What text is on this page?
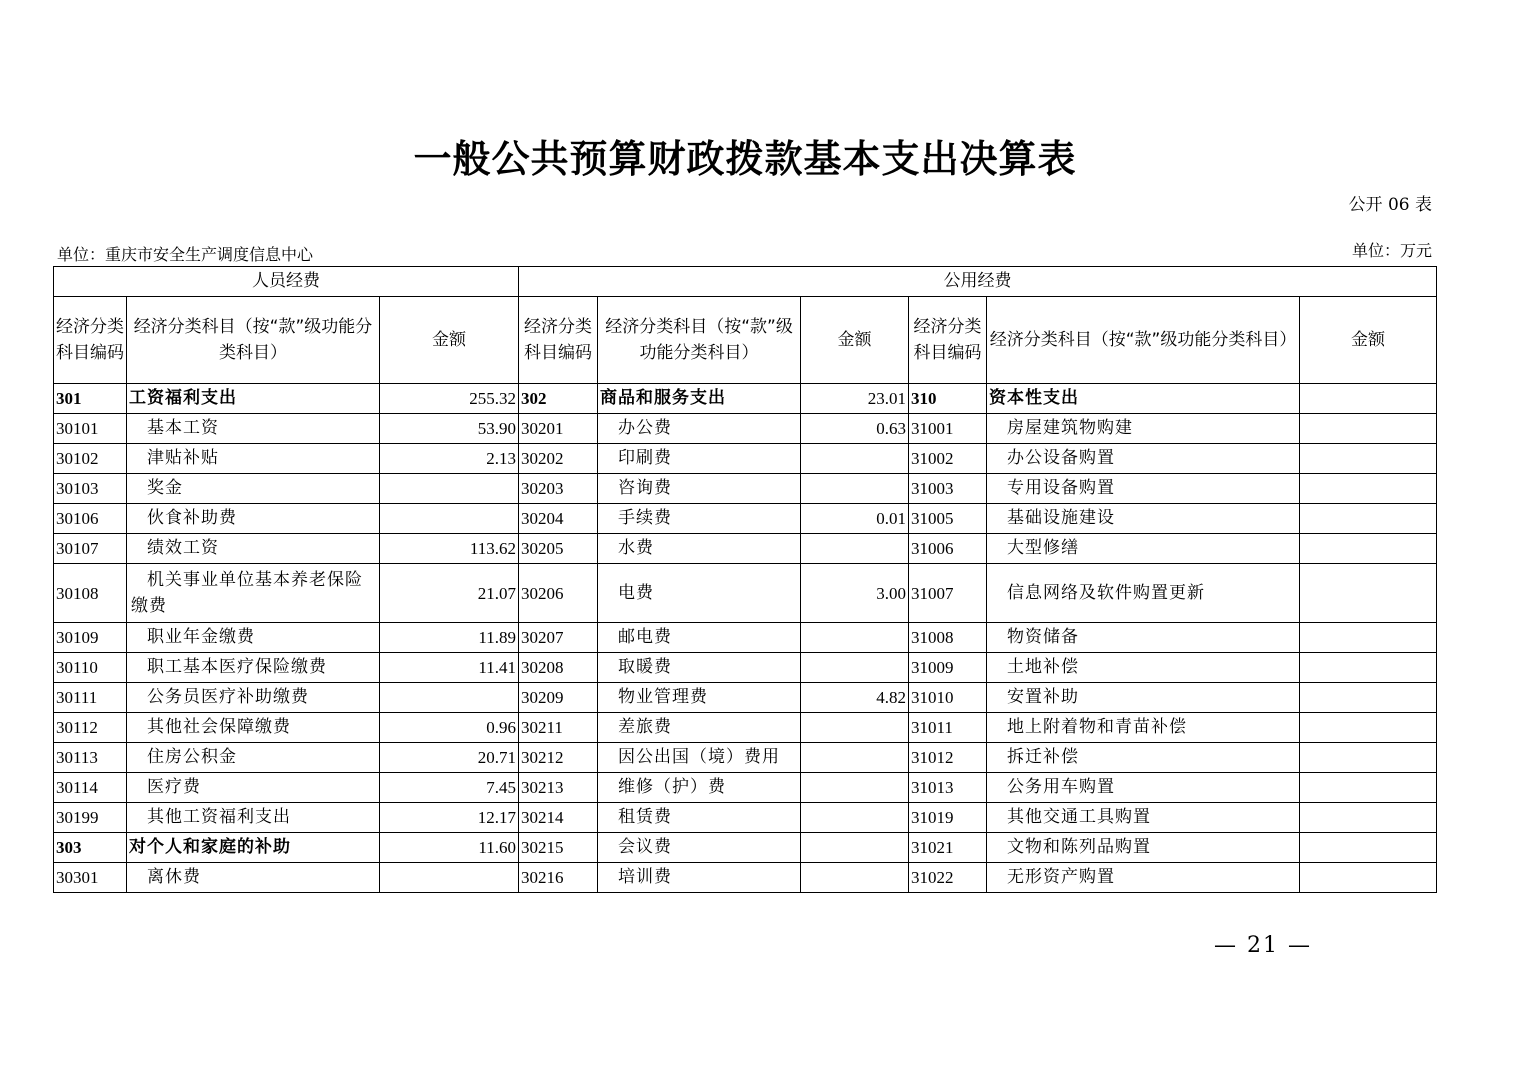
一般公共预算财政拨款基本支出决算表
公开 06 表
单位：重庆市安全生产调度信息中心	单位：万元
人员经费			公用经费					
经济分类科目编码	经济分类科目（按“款”级功能分类科目）	金额	经济分类科目编码	经济分类科目（按“款”级功能分类科目）	金额	经济分类科目编码	经济分类科目（按“款”级功能分类科目）	金额
301	工资福利支出	255.32	302	商品和服务支出	23.01	310	资本性支出	
30101	基本工资	53.90	30201	办公费	0.63	31001	房屋建筑物购建	
30102	津贴补贴	2.13	30202	印刷费		31002	办公设备购置	
30103	奖金		30203	咨询费		31003	专用设备购置	
30106	伙食补助费		30204	手续费	0.01	31005	基础设施建设	
30107	绩效工资	113.62	30205	水费		31006	大型修缮	
30108	机关事业单位基本养老保险缴费	21.07	30206	电费	3.00	31007	信息网络及软件购置更新	
30109	职业年金缴费	11.89	30207	邮电费		31008	物资储备	
30110	职工基本医疗保险缴费	11.41	30208	取暖费		31009	土地补偿	
30111	公务员医疗补助缴费		30209	物业管理费	4.82	31010	安置补助	
30112	其他社会保障缴费	0.96	30211	差旅费		31011	地上附着物和青苗补偿	
30113	住房公积金	20.71	30212	因公出国（境）费用		31012	拆迁补偿	
30114	医疗费	7.45	30213	维修（护）费		31013	公务用车购置	
30199	其他工资福利支出	12.17	30214	租赁费		31019	其他交通工具购置	
303	对个人和家庭的补助	11.60	30215	会议费		31021	文物和陈列品购置	
30301	离休费		30216	培训费		31022	无形资产购置	
— 21 —
